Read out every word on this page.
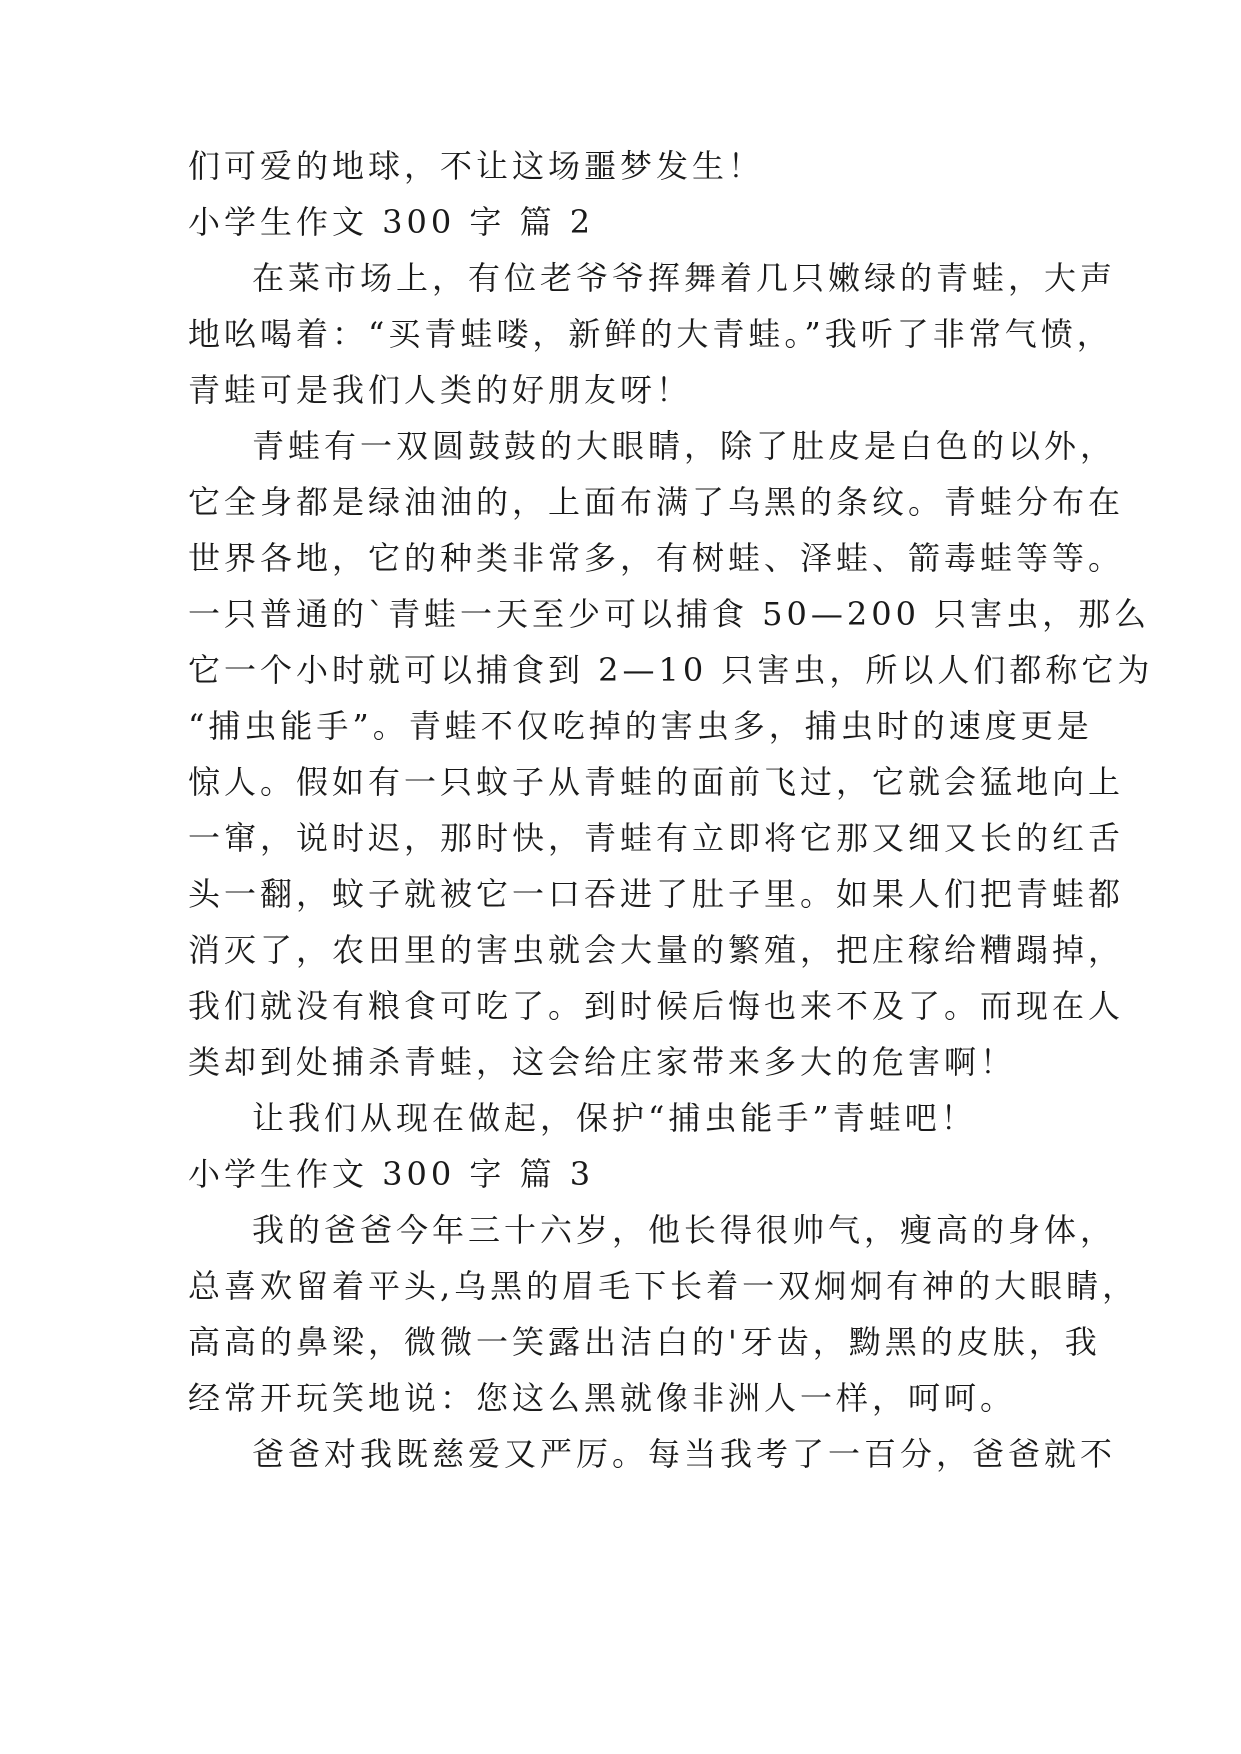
们可爱的地球，不让这场噩梦发生！
小学生作文 300 字 篇 2
在菜市场上，有位老爷爷挥舞着几只嫩绿的青蛙，大声
地吆喝着：“买青蛙喽，新鲜的大青蛙。”我听了非常气愤，
青蛙可是我们人类的好朋友呀！
青蛙有一双圆鼓鼓的大眼睛，除了肚皮是白色的以外，
它全身都是绿油油的，上面布满了乌黑的条纹。青蛙分布在
世界各地，它的种类非常多，有树蛙、泽蛙、箭毒蛙等等。
一只普通的`青蛙一天至少可以捕食 50—200 只害虫，那么
它一个小时就可以捕食到 2—10 只害虫，所以人们都称它为
“捕虫能手”。青蛙不仅吃掉的害虫多，捕虫时的速度更是
惊人。假如有一只蚊子从青蛙的面前飞过，它就会猛地向上
一窜，说时迟，那时快，青蛙有立即将它那又细又长的红舌
头一翻，蚊子就被它一口吞进了肚子里。如果人们把青蛙都
消灭了，农田里的害虫就会大量的繁殖，把庄稼给糟蹋掉，
我们就没有粮食可吃了。到时候后悔也来不及了。而现在人
类却到处捕杀青蛙，这会给庄家带来多大的危害啊！
让我们从现在做起，保护“捕虫能手”青蛙吧！
小学生作文 300 字 篇 3
我的爸爸今年三十六岁，他长得很帅气，瘦高的身体，
总喜欢留着平头,乌黑的眉毛下长着一双炯炯有神的大眼睛，
高高的鼻梁，微微一笑露出洁白的'牙齿，黝黑的皮肤，我
经常开玩笑地说：您这么黑就像非洲人一样，呵呵。
爸爸对我既慈爱又严厉。每当我考了一百分，爸爸就不
